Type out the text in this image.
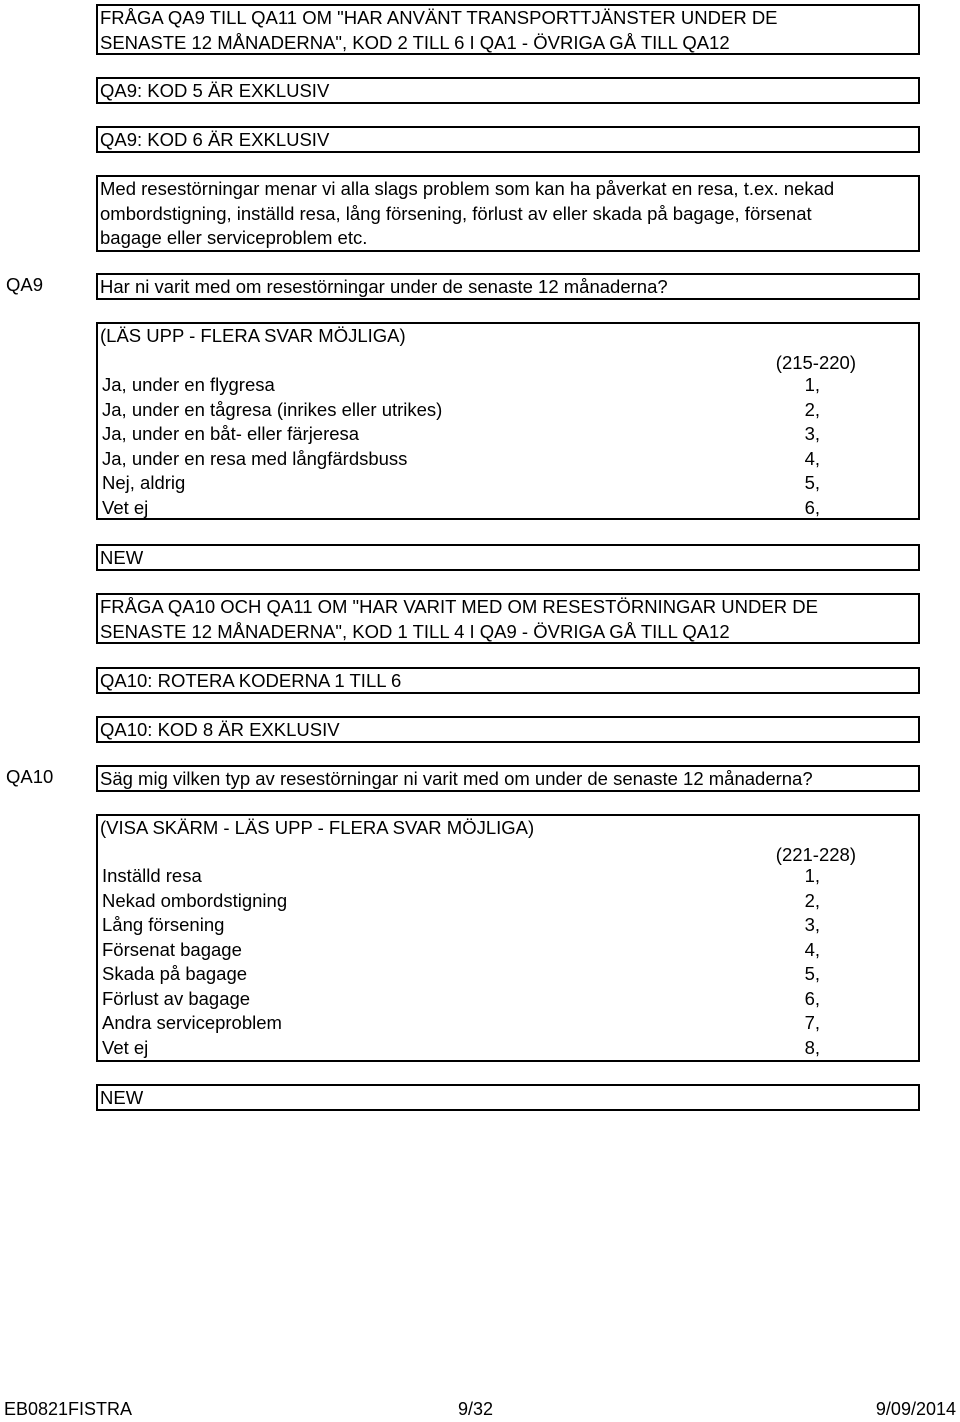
FRÅGA QA9 TILL QA11 OM "HAR ANVÄNT TRANSPORTTJÄNSTER UNDER DE
SENASTE 12 MÅNADERNA", KOD 2 TILL 6 I QA1 - ÖVRIGA GÅ TILL QA12
QA9: KOD 5 ÄR EXKLUSIV
QA9: KOD 6 ÄR EXKLUSIV
Med resestörningar menar vi alla slags problem som kan ha påverkat en resa, t.ex. nekad
ombordstigning, inställd resa, lång försening, förlust av eller skada på bagage, försenat
bagage eller serviceproblem etc.
QA9	Har ni varit med om resestörningar under de senaste 12 månaderna?
(LÄS UPP - FLERA SVAR MÖJLIGA)
(215-220)
Ja, under en flygresa	1,
Ja, under en tågresa (inrikes eller utrikes)	2,
Ja, under en båt- eller färjeresa	3,
Ja, under en resa med långfärdsbuss	4,
Nej, aldrig	5,
Vet ej	6,
NEW
FRÅGA QA10 OCH QA11 OM "HAR VARIT MED OM RESESTÖRNINGAR UNDER DE
SENASTE 12 MÅNADERNA", KOD 1 TILL 4 I QA9 - ÖVRIGA GÅ TILL QA12
QA10: ROTERA KODERNA 1 TILL 6
QA10: KOD 8 ÄR EXKLUSIV
QA10	Säg mig vilken typ av resestörningar ni varit med om under de senaste 12 månaderna?
(VISA SKÄRM - LÄS UPP - FLERA SVAR MÖJLIGA)
(221-228)
Inställd resa	1,
Nekad ombordstigning	2,
Lång försening	3,
Försenat bagage	4,
Skada på bagage	5,
Förlust av bagage	6,
Andra serviceproblem	7,
Vet ej	8,
NEW
EB0821FISTRA	9/32	9/09/2014
